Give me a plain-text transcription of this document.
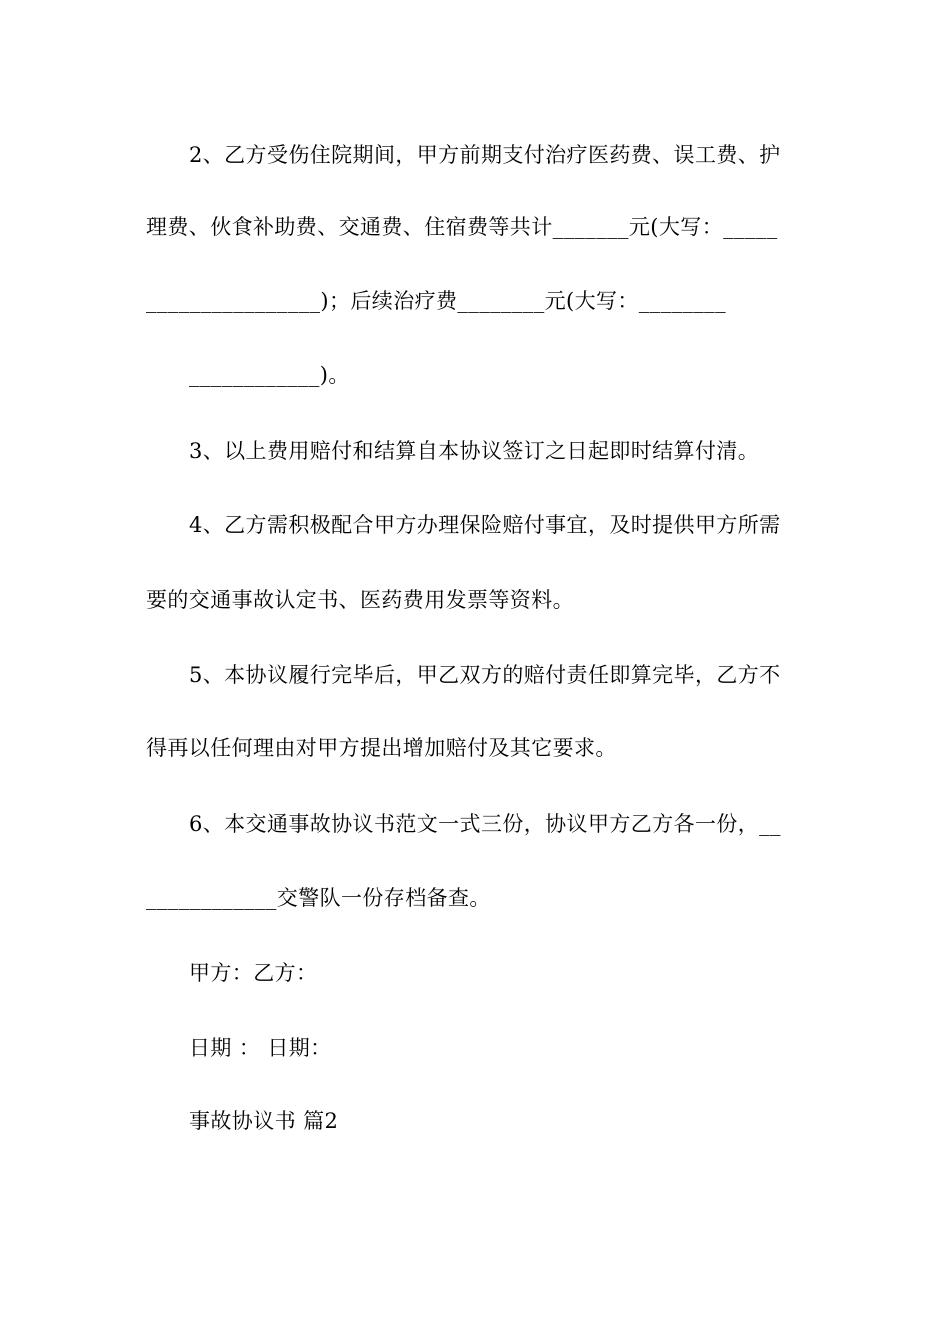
2、乙方受伤住院期间，甲方前期支付治疗医药费、误工费、护
理费、伙食补助费、交通费、住宿费等共计_______元(大写：_____
________________)；后续治疗费________元(大写：________
____________)。
3、以上费用赔付和结算自本协议签订之日起即时结算付清。
4、乙方需积极配合甲方办理保险赔付事宜，及时提供甲方所需
要的交通事故认定书、医药费用发票等资料。
5、本协议履行完毕后，甲乙双方的赔付责任即算完毕，乙方不
得再以任何理由对甲方提出增加赔付及其它要求。
6、本交通事故协议书范文一式三份，协议甲方乙方各一份，__
____________交警队一份存档备查。
甲方：乙方：
日期 ： 日期：
事故协议书 篇2
